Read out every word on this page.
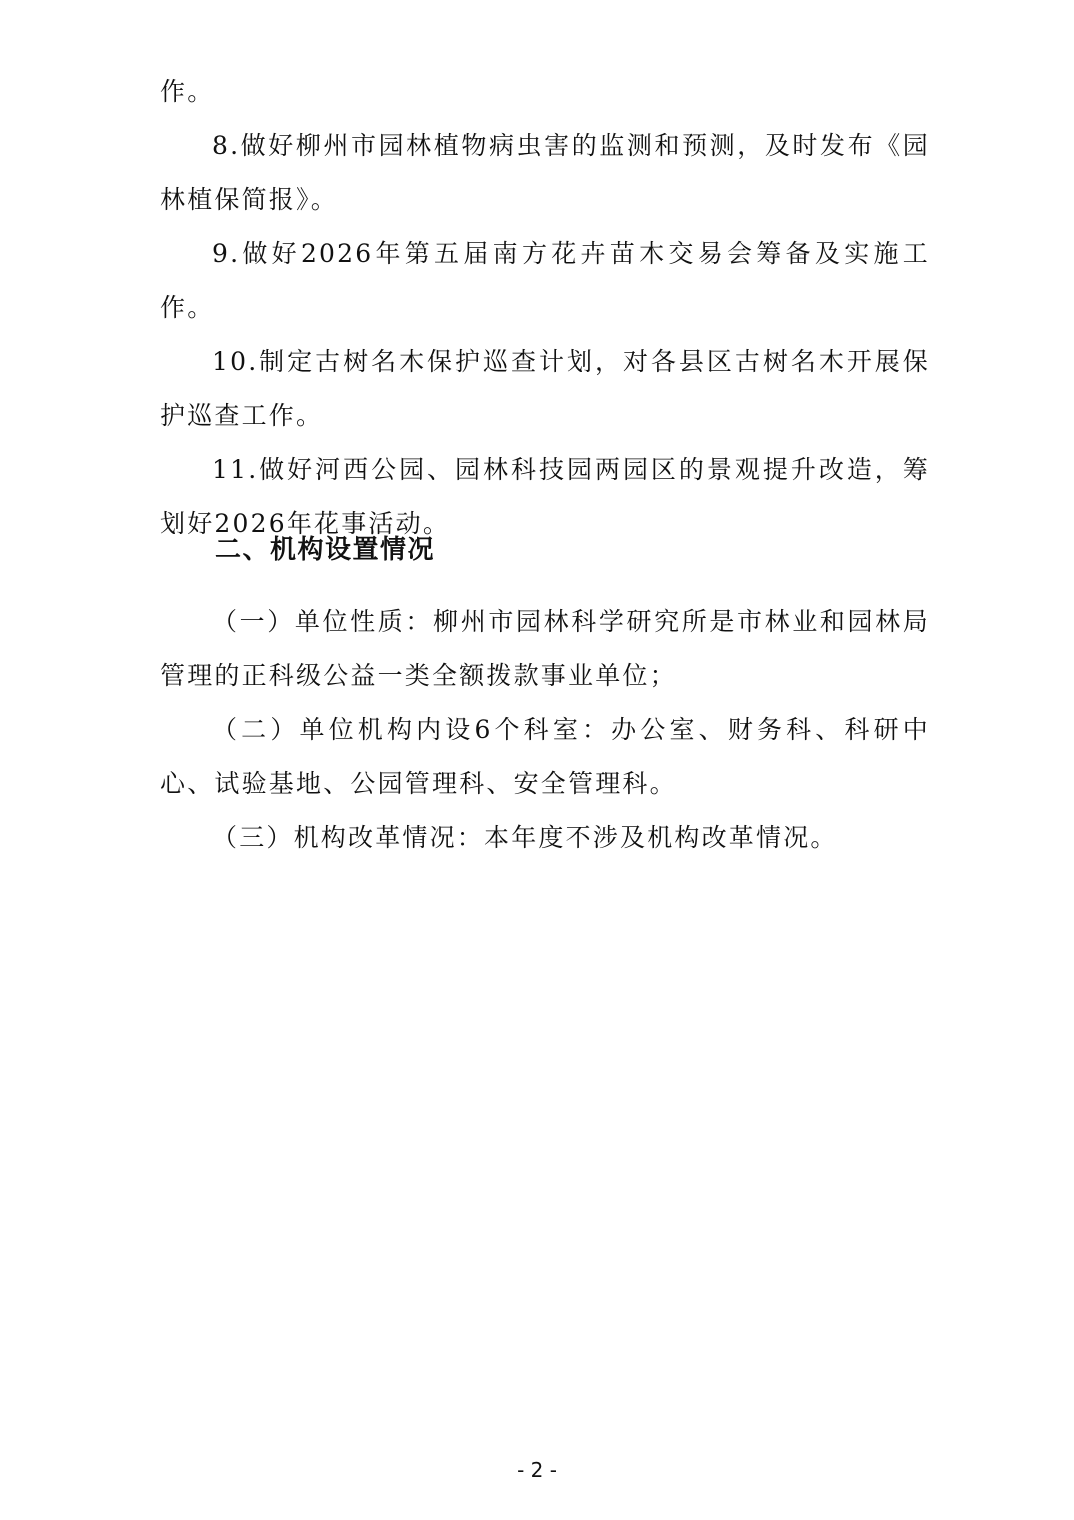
作。

8.做好柳州市园林植物病虫害的监测和预测，及时发布《园林植保简报》。

9.做好2026年第五届南方花卉苗木交易会筹备及实施工作。

10.制定古树名木保护巡查计划，对各县区古树名木开展保护巡查工作。

11.做好河西公园、园林科技园两园区的景观提升改造，筹划好2026年花事活动。

二、机构设置情况

（一）单位性质：柳州市园林科学研究所是市林业和园林局管理的正科级公益一类全额拨款事业单位；

（二）单位机构内设6个科室：办公室、财务科、科研中心、试验基地、公园管理科、安全管理科。

（三）机构改革情况：本年度不涉及机构改革情况。

- 2 -
